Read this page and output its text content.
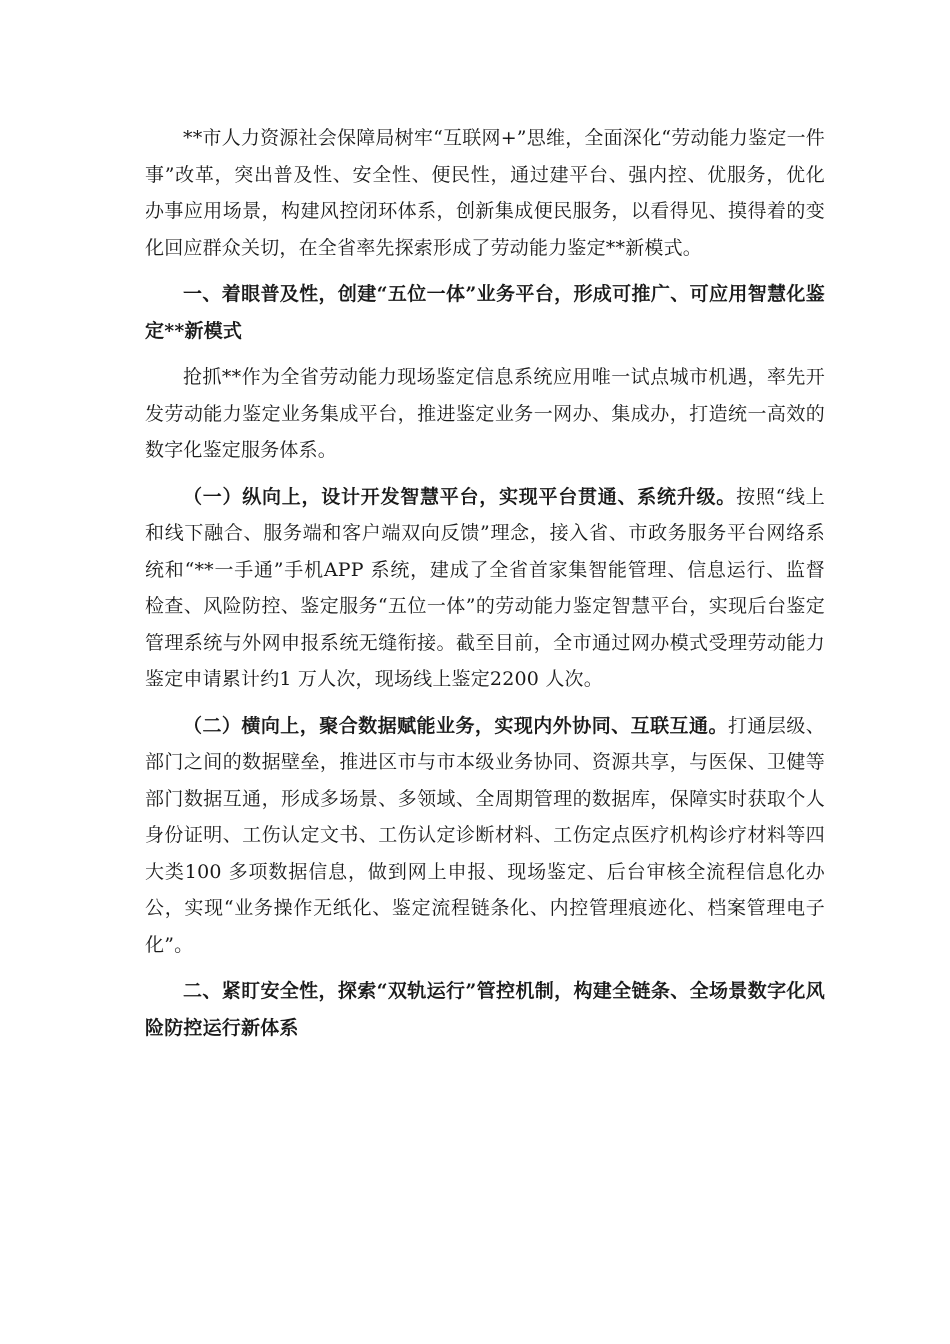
**市人力资源社会保障局树牢“互联网+”思维，全面深化“劳动能力鉴定一件事”改革，突出普及性、安全性、便民性，通过建平台、强内控、优服务，优化办事应用场景，构建风控闭环体系，创新集成便民服务，以看得见、摸得着的变化回应群众关切，在全省率先探索形成了劳动能力鉴定**新模式。

一、着眼普及性，创建“五位一体”业务平台，形成可推广、可应用智慧化鉴定**新模式

抢抓**作为全省劳动能力现场鉴定信息系统应用唯一试点城市机遇，率先开发劳动能力鉴定业务集成平台，推进鉴定业务一网办、集成办，打造统一高效的数字化鉴定服务体系。

（一）纵向上，设计开发智慧平台，实现平台贯通、系统升级。按照“线上和线下融合、服务端和客户端双向反馈”理念，接入省、市政务服务平台网络系统和“**一手通”手机APP 系统，建成了全省首家集智能管理、信息运行、监督检查、风险防控、鉴定服务“五位一体”的劳动能力鉴定智慧平台，实现后台鉴定管理系统与外网申报系统无缝衔接。截至目前，全市通过网办模式受理劳动能力鉴定申请累计约1 万人次，现场线上鉴定2200 人次。

（二）横向上，聚合数据赋能业务，实现内外协同、互联互通。打通层级、部门之间的数据壁垒，推进区市与市本级业务协同、资源共享，与医保、卫健等部门数据互通，形成多场景、多领域、全周期管理的数据库，保障实时获取个人身份证明、工伤认定文书、工伤认定诊断材料、工伤定点医疗机构诊疗材料等四大类100 多项数据信息，做到网上申报、现场鉴定、后台审核全流程信息化办公，实现“业务操作无纸化、鉴定流程链条化、内控管理痕迹化、档案管理电子化”。

二、紧盯安全性，探索“双轨运行”管控机制，构建全链条、全场景数字化风险防控运行新体系
